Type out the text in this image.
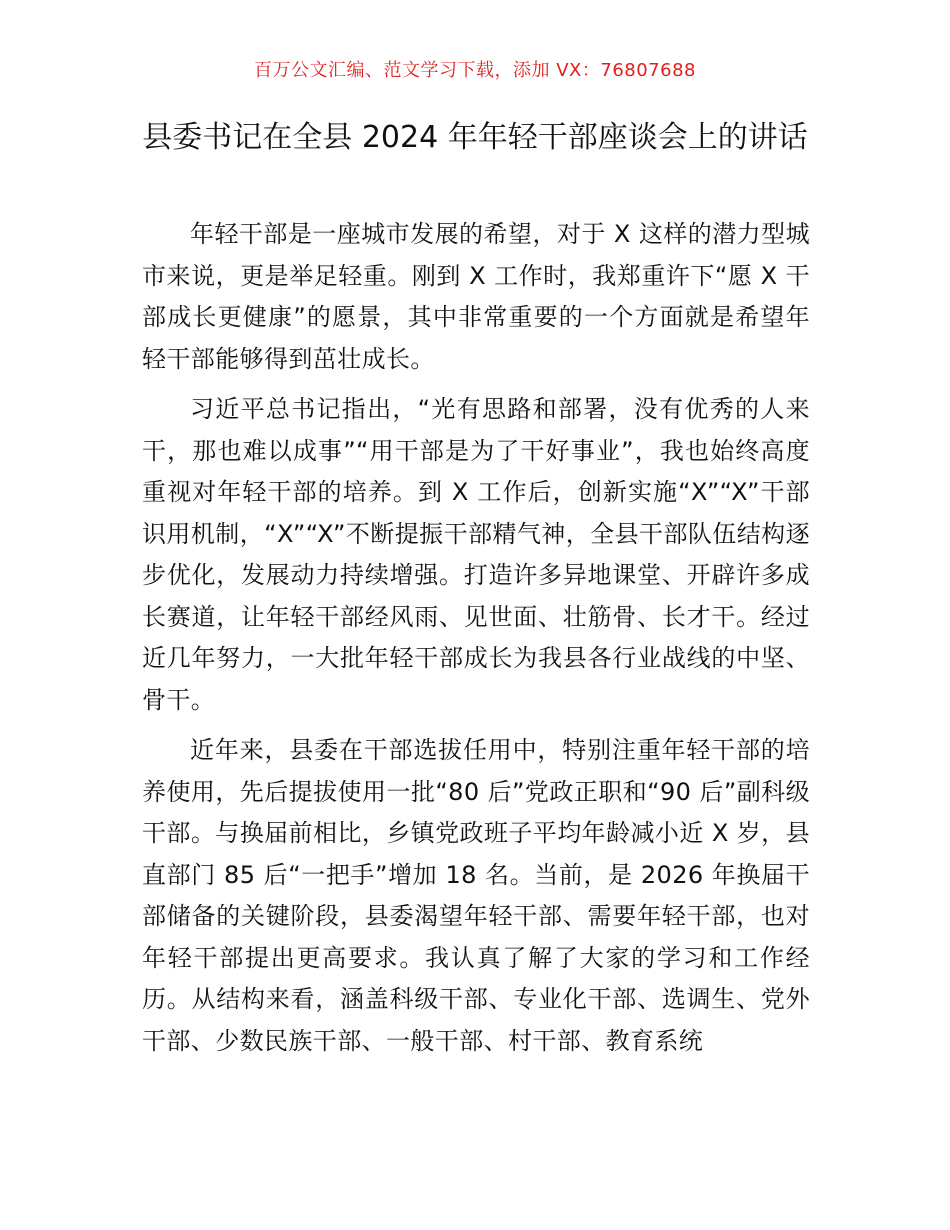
百万公文汇编、范文学习下载，添加 VX：76807688
县委书记在全县 2024 年年轻干部座谈会上的讲话

年轻干部是一座城市发展的希望，对于 X 这样的潜力型城市来说，更是举足轻重。刚到 X 工作时，我郑重许下“愿 X 干部成长更健康”的愿景，其中非常重要的一个方面就是希望年轻干部能够得到茁壮成长。

习近平总书记指出，“光有思路和部署，没有优秀的人来干，那也难以成事”“用干部是为了干好事业”，我也始终高度重视对年轻干部的培养。到 X 工作后，创新实施“X”“X”干部识用机制，“X”“X”不断提振干部精气神，全县干部队伍结构逐步优化，发展动力持续增强。打造许多异地课堂、开辟许多成长赛道，让年轻干部经风雨、见世面、壮筋骨、长才干。经过近几年努力，一大批年轻干部成长为我县各行业战线的中坚、骨干。

近年来，县委在干部选拔任用中，特别注重年轻干部的培养使用，先后提拔使用一批“80 后”党政正职和“90 后”副科级干部。与换届前相比，乡镇党政班子平均年龄减小近 X 岁，县直部门 85 后“一把手”增加 18 名。当前，是 2026 年换届干部储备的关键阶段，县委渴望年轻干部、需要年轻干部，也对年轻干部提出更高要求。我认真了解了大家的学习和工作经历。从结构来看，涵盖科级干部、专业化干部、选调生、党外干部、少数民族干部、一般干部、村干部、教育系统
